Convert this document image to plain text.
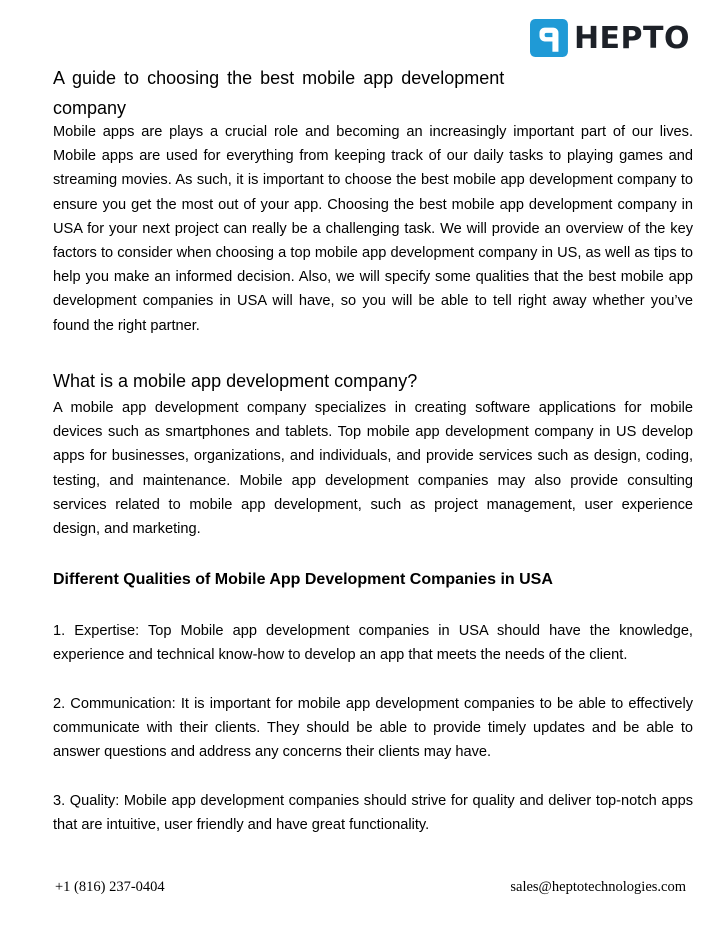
HEPTO
A guide to choosing the best mobile app development company

Mobile apps are plays a crucial role and becoming an increasingly important part of our lives. Mobile apps are used for everything from keeping track of our daily tasks to playing games and streaming movies. As such, it is important to choose the best mobile app development company to ensure you get the most out of your app. Choosing the best mobile app development company in USA for your next project can really be a challenging task. We will provide an overview of the key factors to consider when choosing a top mobile app development company in US, as well as tips to help you make an informed decision. Also, we will specify some qualities that the best mobile app development companies in USA will have, so you will be able to tell right away whether you’ve found the right partner.

What is a mobile app development company?

A mobile app development company specializes in creating software applications for mobile devices such as smartphones and tablets. Top mobile app development company in US develop apps for businesses, organizations, and individuals, and provide services such as design, coding, testing, and maintenance. Mobile app development companies may also provide consulting services related to mobile app development, such as project management, user experience design, and marketing.

Different Qualities of Mobile App Development Companies in USA

1. Expertise: Top Mobile app development companies in USA should have the knowledge, experience and technical know-how to develop an app that meets the needs of the client.

2. Communication: It is important for mobile app development companies to be able to effectively communicate with their clients. They should be able to provide timely updates and be able to answer questions and address any concerns their clients may have.

3. Quality: Mobile app development companies should strive for quality and deliver top-notch apps that are intuitive, user friendly and have great functionality.

+1 (816) 237-0404	sales@heptotechnologies.com
